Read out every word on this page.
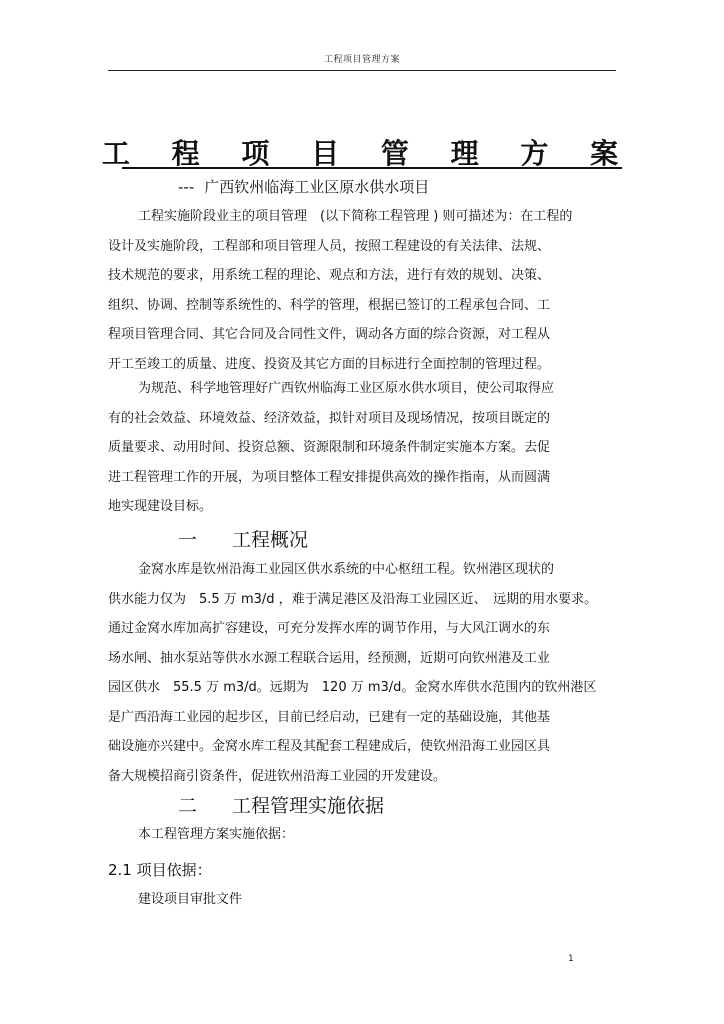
工程项目管理方案
工 程 项 目 管 理 方 案
--- 广西钦州临海工业区原水供水项目
工程实施阶段业主的项目管理　(以下简称工程管理 ) 则可描述为：在工程的
设计及实施阶段，工程部和项目管理人员，按照工程建设的有关法律、法规、
技术规范的要求，用系统工程的理论、观点和方法，进行有效的规划、决策、
组织、协调、控制等系统性的、科学的管理，根据已签订的工程承包合同、工
程项目管理合同、其它合同及合同性文件，调动各方面的综合资源，对工程从
开工至竣工的质量、进度、投资及其它方面的目标进行全面控制的管理过程。
为规范、科学地管理好广西钦州临海工业区原水供水项目，使公司取得应
有的社会效益、环境效益、经济效益，拟针对项目及现场情况，按项目既定的
质量要求、动用时间、投资总额、资源限制和环境条件制定实施本方案。去促
进工程管理工作的开展，为项目整体工程安排提供高效的操作指南，从而圆满
地实现建设目标。
一 工程概况
金窝水库是钦州沿海工业园区供水系统的中心枢纽工程。钦州港区现状的
供水能力仅为　5.5 万 m3/d ，难于满足港区及沿海工业园区近、　远期的用水要求。
通过金窝水库加高扩容建设，可充分发挥水库的调节作用，与大风江调水的东
场水闸、抽水泵站等供水水源工程联合运用，经预测，近期可向钦州港及工业
园区供水　55.5 万 m3/d。远期为　120 万 m3/d。金窝水库供水范围内的钦州港区
是广西沿海工业园的起步区，目前已经启动，已建有一定的基础设施，其他基
础设施亦兴建中。金窝水库工程及其配套工程建成后，使钦州沿海工业园区具
备大规模招商引资条件，促进钦州沿海工业园的开发建设。
二 工程管理实施依据
本工程管理方案实施依据：
2.1 项目依据：
建设项目审批文件
1
